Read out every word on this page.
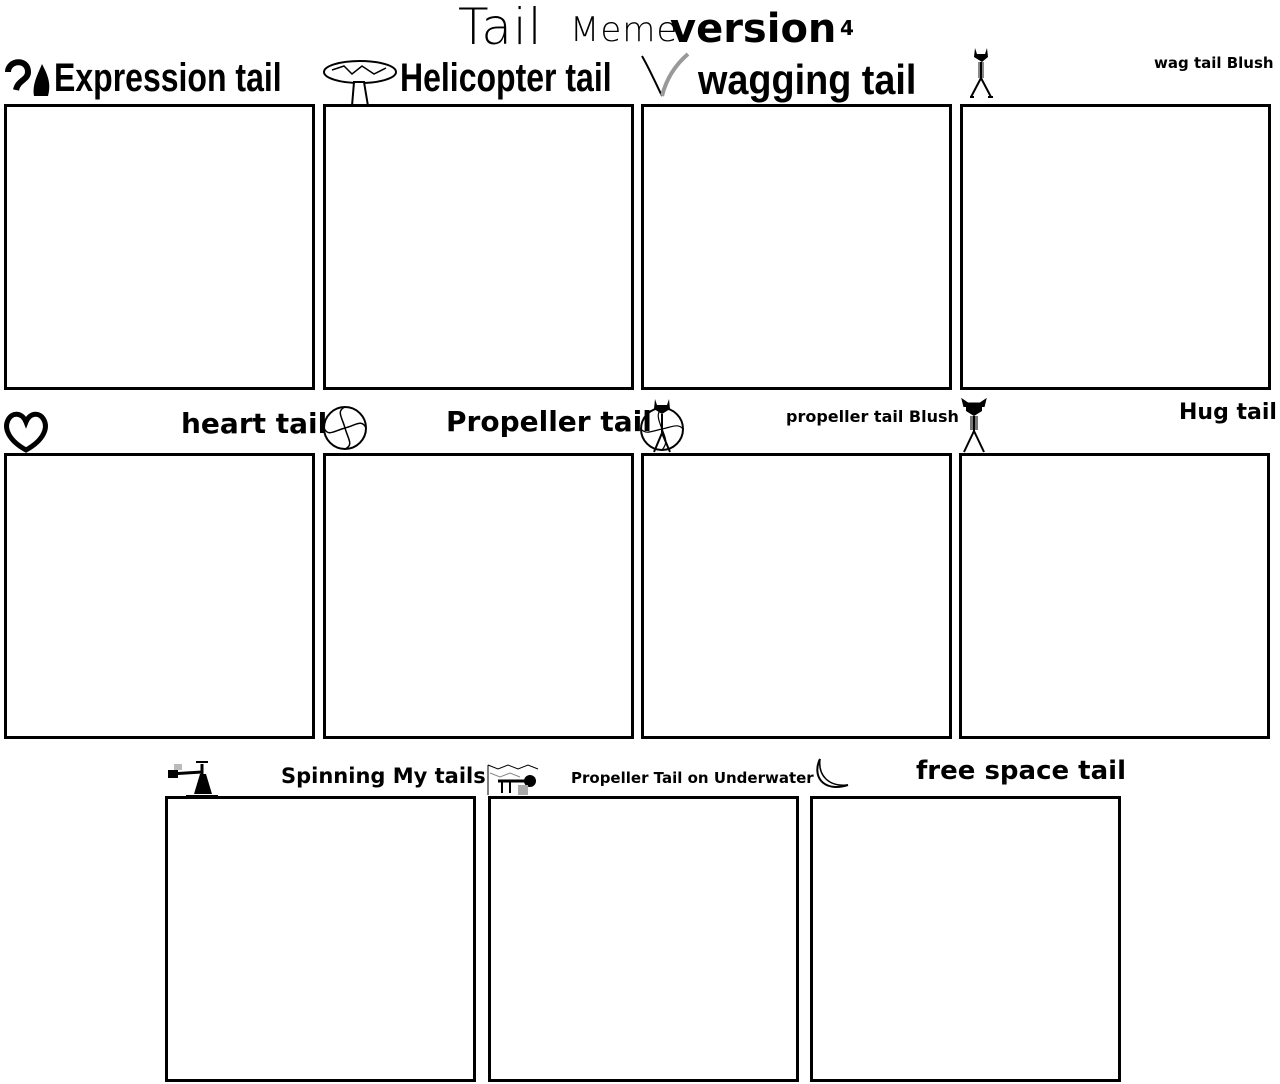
Tail Meme
version 4
Expression tail	Helicopter tail wagging tail	wag tail Blush
heart tail	Propeller tail	propeller tail Blush	Hug tail
Spinning My tails	Propeller Tail on Underwater	free space tail
